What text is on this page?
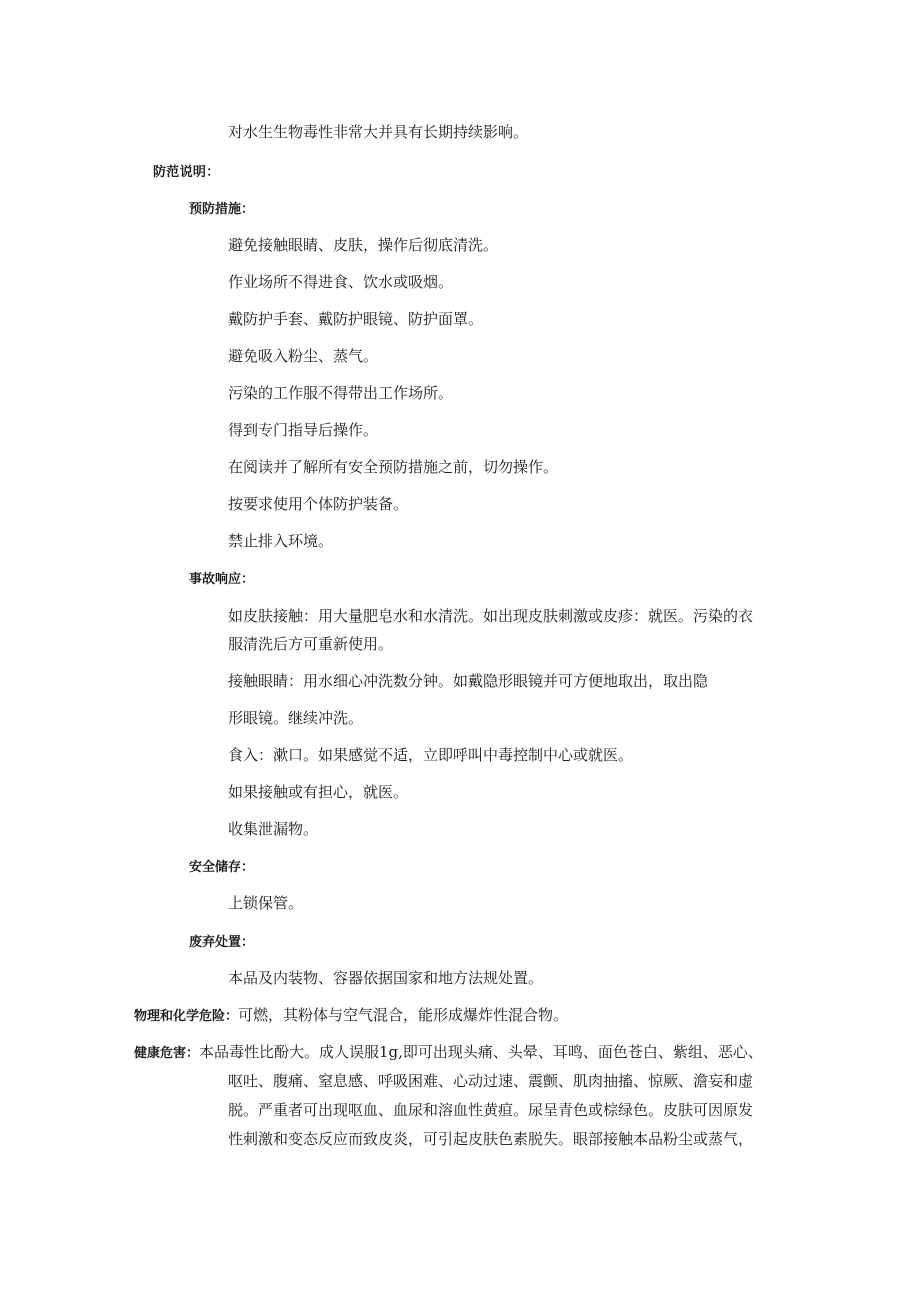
对水生生物毒性非常大并具有长期持续影响。
防范说明：
预防措施：
避免接触眼睛、皮肤，操作后彻底清洗。
作业场所不得进食、饮水或吸烟。
戴防护手套、戴防护眼镜、防护面罩。
避免吸入粉尘、蒸气。
污染的工作服不得带出工作场所。
得到专门指导后操作。
在阅读并了解所有安全预防措施之前，切勿操作。
按要求使用个体防护装备。
禁止排入环境。
事故响应：
如皮肤接触：用大量肥皂水和水清洗。如出现皮肤刺激或皮疹：就医。污染的衣
服清洗后方可重新使用。
接触眼睛：用水细心冲洗数分钟。如戴隐形眼镜并可方便地取出，取出隐
形眼镜。继续冲洗。
食入：漱口。如果感觉不适，立即呼叫中毒控制中心或就医。
如果接触或有担心，就医。
收集泄漏物。
安全储存：
上锁保管。
废弃处置：
本品及内装物、容器依据国家和地方法规处置。
物理和化学危险：可燃，其粉体与空气混合，能形成爆炸性混合物。
健康危害：本品毒性比酚大。成人误服1g,即可出现头痛、头晕、耳鸣、面色苍白、紫组、恶心、
呕吐、腹痛、窒息感、呼吸困难、心动过速、震颤、肌肉抽搐、惊厥、澹妄和虚
脱。严重者可出现呕血、血尿和溶血性黄疸。尿呈青色或棕绿色。皮肤可因原发
性刺激和变态反应而致皮炎，可引起皮肤色素脱失。眼部接触本品粉尘或蒸气，
